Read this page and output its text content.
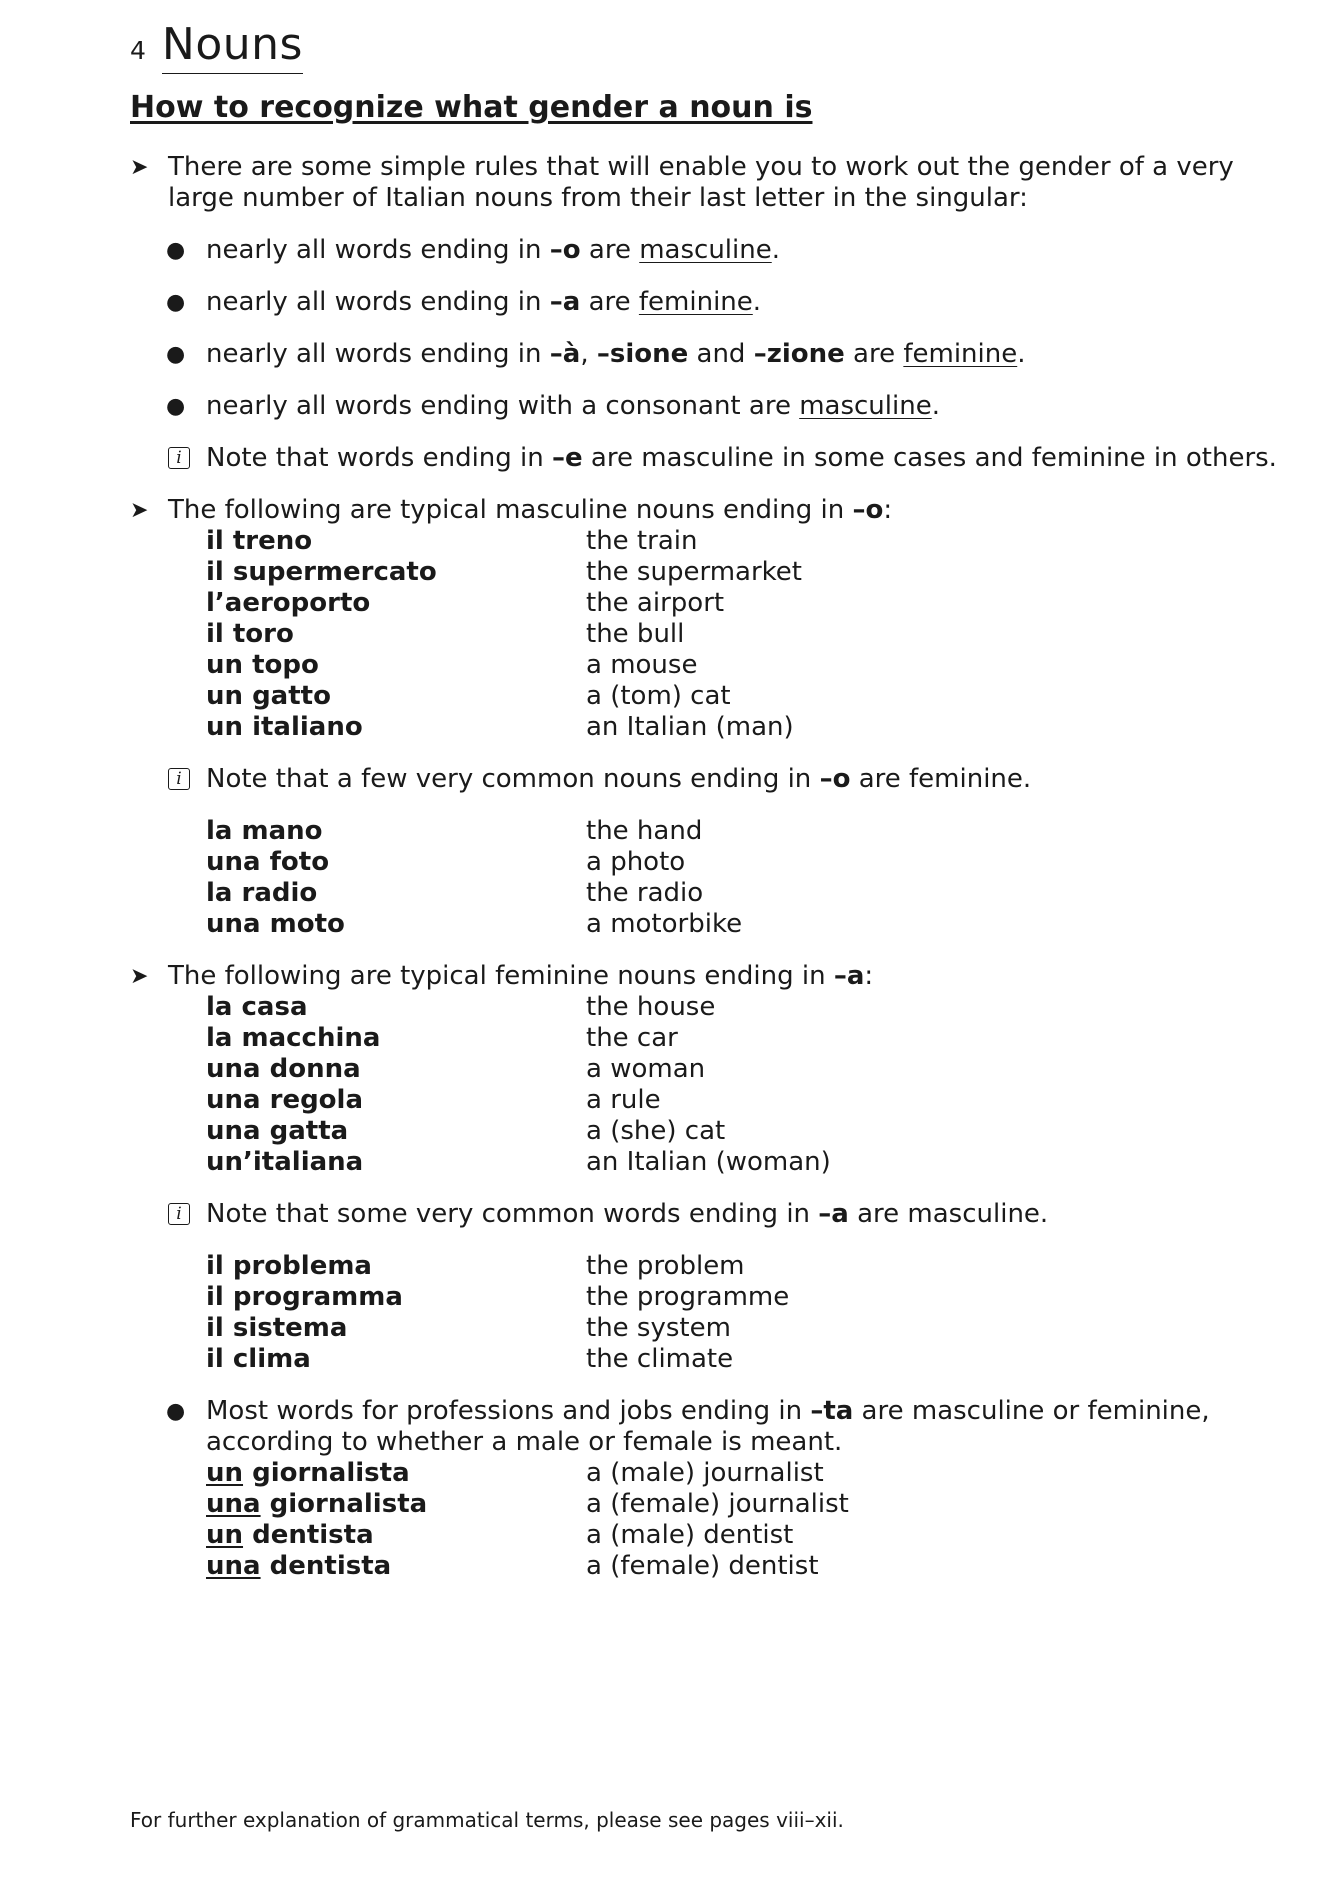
4 Nouns
How to recognize what gender a noun is
➤ There are some simple rules that will enable you to work out the gender of a very large number of Italian nouns from their last letter in the singular:
● nearly all words ending in –o are masculine.
● nearly all words ending in –a are feminine.
● nearly all words ending in –à, –sione and –zione are feminine.
● nearly all words ending with a consonant are masculine.
i Note that words ending in –e are masculine in some cases and feminine in others.
➤ The following are typical masculine nouns ending in –o:
il treno	the train
il supermercato	the supermarket
l’aeroporto	the airport
il toro	the bull
un topo	a mouse
un gatto	a (tom) cat
un italiano	an Italian (man)
i Note that a few very common nouns ending in –o are feminine.
la mano	the hand
una foto	a photo
la radio	the radio
una moto	a motorbike
➤ The following are typical feminine nouns ending in –a:
la casa	the house
la macchina	the car
una donna	a woman
una regola	a rule
una gatta	a (she) cat
un’italiana	an Italian (woman)
i Note that some very common words ending in –a are masculine.
il problema	the problem
il programma	the programme
il sistema	the system
il clima	the climate
● Most words for professions and jobs ending in –ta are masculine or feminine, according to whether a male or female is meant.
un giornalista	a (male) journalist
una giornalista	a (female) journalist
un dentista	a (male) dentist
una dentista	a (female) dentist
For further explanation of grammatical terms, please see pages viii–xii.
